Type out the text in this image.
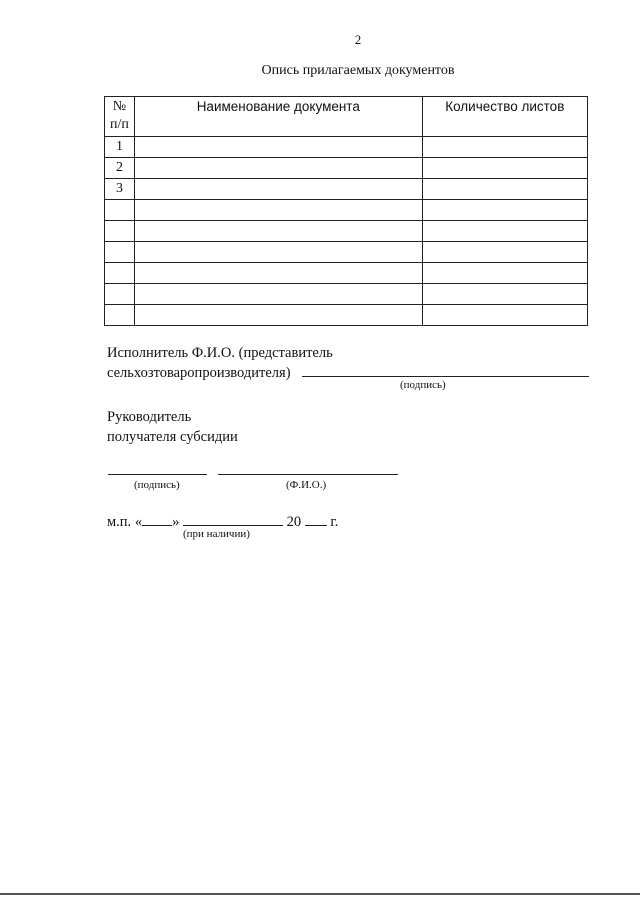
2
Опись прилагаемых документов
№ п/п	Наименование документа	Количество листов
1		
2		
3		

Исполнитель Ф.И.О. (представитель
сельхозтоваропроизводителя)
(подпись)
Руководитель
получателя субсидии
(подпись)	(Ф.И.О.)
м.п. « »	20 г.
(при наличии)
